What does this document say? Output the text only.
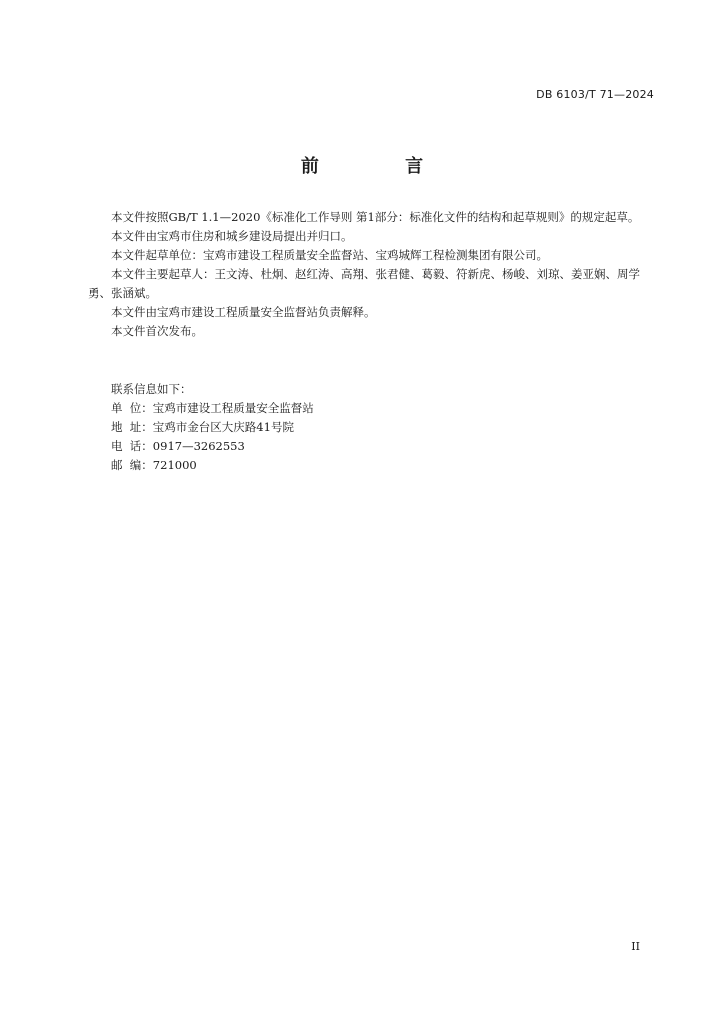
DB 6103/T 71—2024
前 言

本文件按照GB/T 1.1—2020《标准化工作导则 第1部分：标准化文件的结构和起草规则》的规定起草。

本文件由宝鸡市住房和城乡建设局提出并归口。

本文件起草单位：宝鸡市建设工程质量安全监督站、宝鸡城辉工程检测集团有限公司。

本文件主要起草人：王文涛、杜炯、赵红涛、高翔、张君健、葛毅、符新虎、杨峻、刘琼、姜亚娴、周学勇、张涵斌。

本文件由宝鸡市建设工程质量安全监督站负责解释。

本文件首次发布。

联系信息如下：

单  位：宝鸡市建设工程质量安全监督站

地  址：宝鸡市金台区大庆路41号院

电  话：0917—3262553

邮  编：721000

II
